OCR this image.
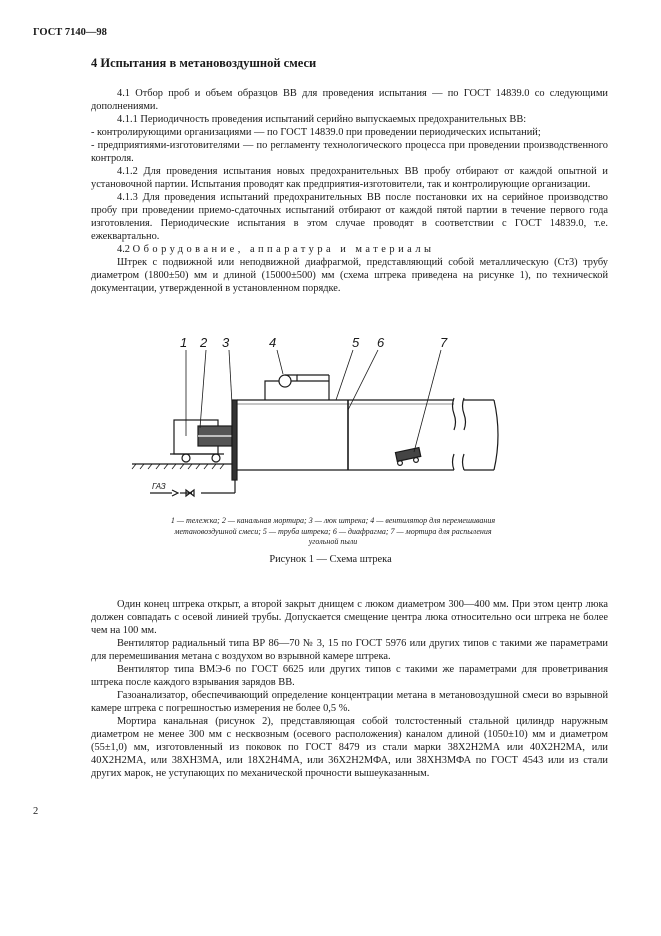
ГОСТ 7140—98
4 Испытания в метановоздушной смеси

4.1 Отбор проб и объем образцов ВВ для проведения испытания — по ГОСТ 14839.0 со следующими дополнениями.

4.1.1 Периодичность проведения испытаний серийно выпускаемых предохранительных ВВ:

- контролирующими организациями — по ГОСТ 14839.0 при проведении периодических испытаний;

- предприятиями-изготовителями — по регламенту технологического процесса при проведении производственного контроля.

4.1.2 Для проведения испытания новых предохранительных ВВ пробу отбирают от каждой опытной и установочной партии. Испытания проводят как предприятия-изготовители, так и контролирующие организации.

4.1.3 Для проведения испытаний предохранительных ВВ после постановки их на серийное производство пробу при проведении приемо-сдаточных испытаний отбирают от каждой пятой партии в течение первого года изготовления. Периодические испытания в этом случае проводят в соответствии с ГОСТ 14839.0, т.е. ежеквартально.

4.2 Оборудование, аппаратура и материалы

Штрек с подвижной или неподвижной диафрагмой, представляющий собой металлическую (Ст3) трубу диаметром (1800±50) мм и длиной (15000±500) мм (схема штрека приведена на рисунке 1), по технической документации, утвержденной в установленном порядке.

1 2 3	4	5 6	7
ГАЗ
1 — тележка; 2 — канальная мортира; 3 — люк штрека; 4 — вентилятор для перемешивания
метановоздушной смеси; 5 — труба штрека; 6 — диафрагма; 7 — мортира для распыления
угольной пыли
Рисунок 1 — Схема штрека

Один конец штрека открыт, а второй закрыт днищем с люком диаметром 300—400 мм. При этом центр люка должен совпадать с осевой линией трубы. Допускается смещение центра люка относительно оси штрека не более чем на 100 мм.

Вентилятор радиальный типа ВР 86—70 № 3, 15 по ГОСТ 5976 или других типов с такими же параметрами для перемешивания метана с воздухом во взрывной камере штрека.

Вентилятор типа ВМЭ-6 по ГОСТ 6625 или других типов с такими же параметрами для проветривания штрека после каждого взрывания зарядов ВВ.

Газоанализатор, обеспечивающий определение концентрации метана в метановоздушной смеси во взрывной камере штрека с погрешностью измерения не более 0,5 %.

Мортира канальная (рисунок 2), представляющая собой толстостенный стальной цилиндр наружным диаметром не менее 300 мм с несквозным (осевого расположения) каналом длиной (1050±10) мм и диаметром (55±1,0) мм, изготовленный из поковок по ГОСТ 8479 из стали марки 38Х2Н2МА или 40Х2Н2МА, или 40Х2Н2МА, или 38ХН3МА, или 18Х2Н4МА, или 36Х2Н2МФА, или 38ХН3МФА по ГОСТ 4543 или из стали других марок, не уступающих по механической прочности вышеуказанным.

2
